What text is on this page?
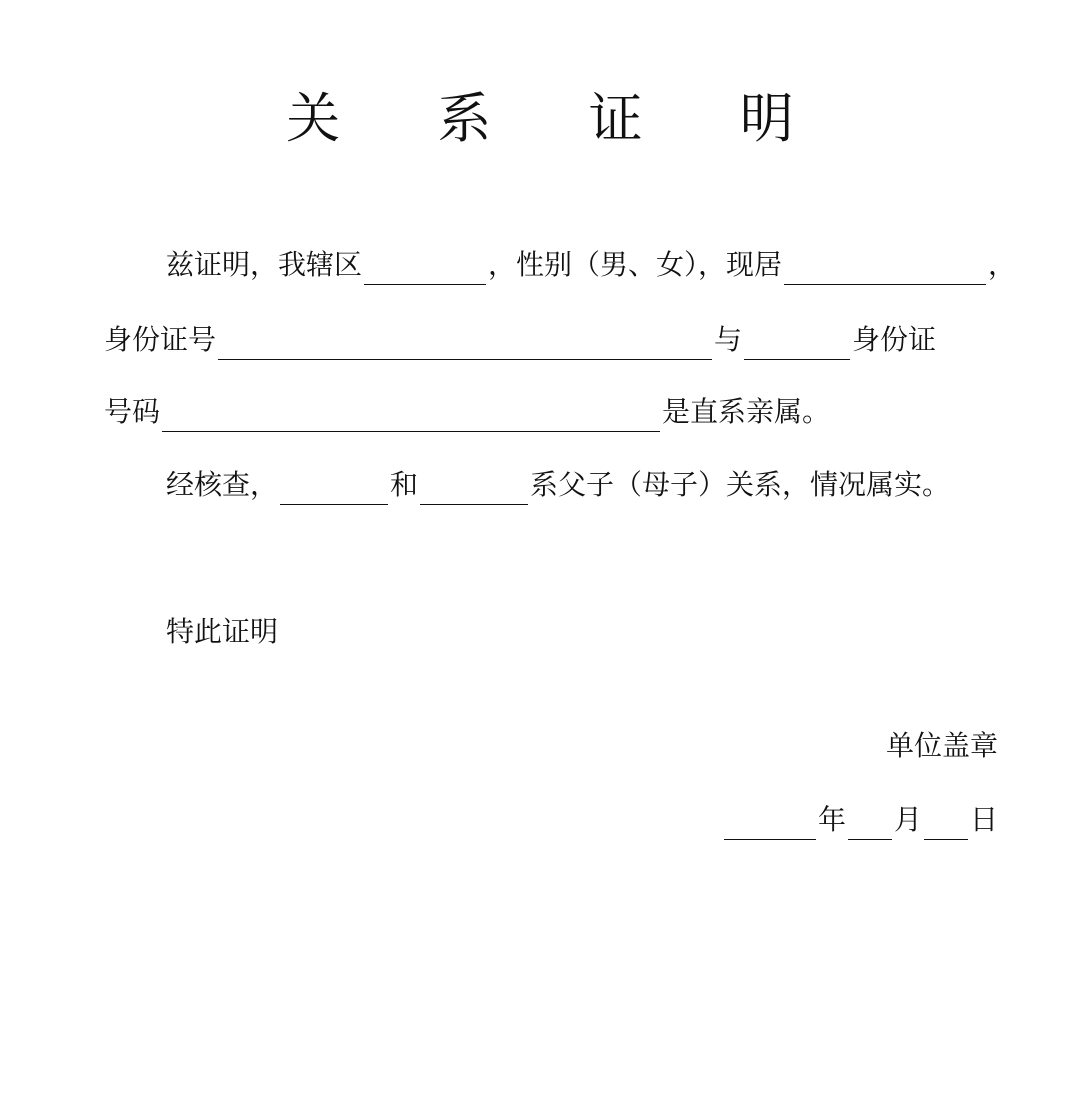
关 系 证 明
兹证明，我辖区	，性别（男、女），现居	，
身份证号	与	身份证
号码	是直系亲属。
经核查，	和	系父子（母子）关系，情况属实。
特此证明
单位盖章
年 月 日
